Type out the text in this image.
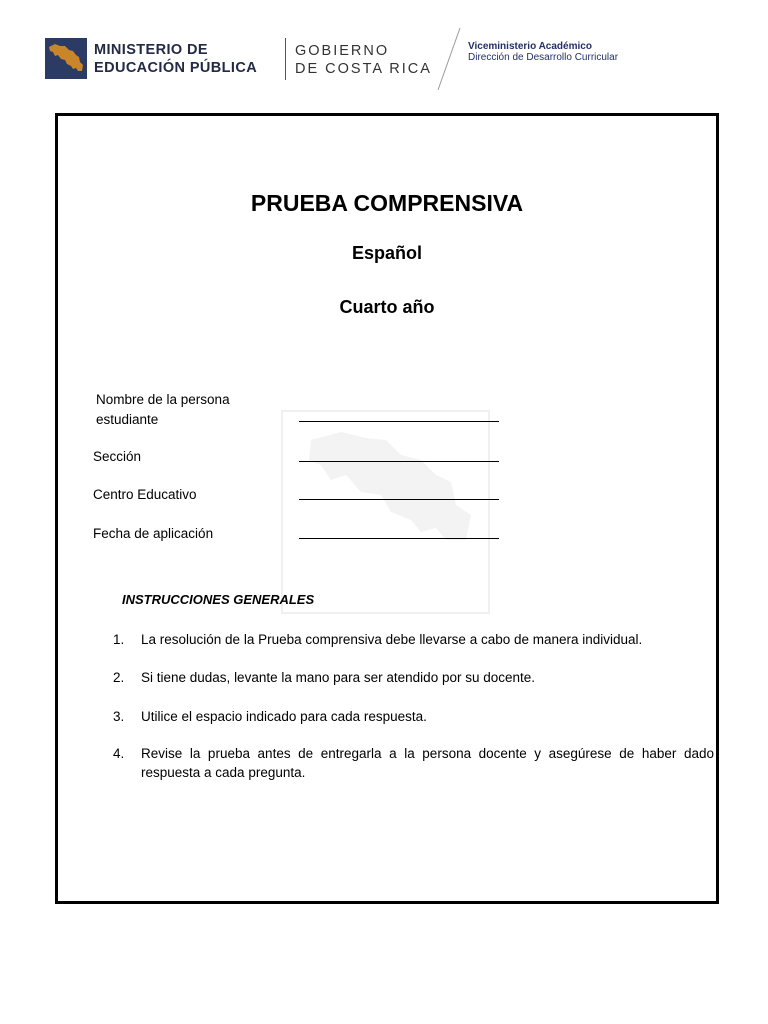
MINISTERIO DE
EDUCACIÓN PÚBLICA
GOBIERNO
DE COSTA RICA
Viceministerio Académico
Dirección de Desarrollo Curricular
PRUEBA COMPRENSIVA
Español
Cuarto año
Nombre de la persona
estudiante
Sección
Centro Educativo
Fecha de aplicación
INSTRUCCIONES GENERALES
1. La resolución de la Prueba comprensiva debe llevarse a cabo de manera individual.
2. Si tiene dudas, levante la mano para ser atendido por su docente.
3. Utilice el espacio indicado para cada respuesta.
4. Revise la prueba antes de entregarla a la persona docente y asegúrese de haber dado respuesta a cada pregunta.
